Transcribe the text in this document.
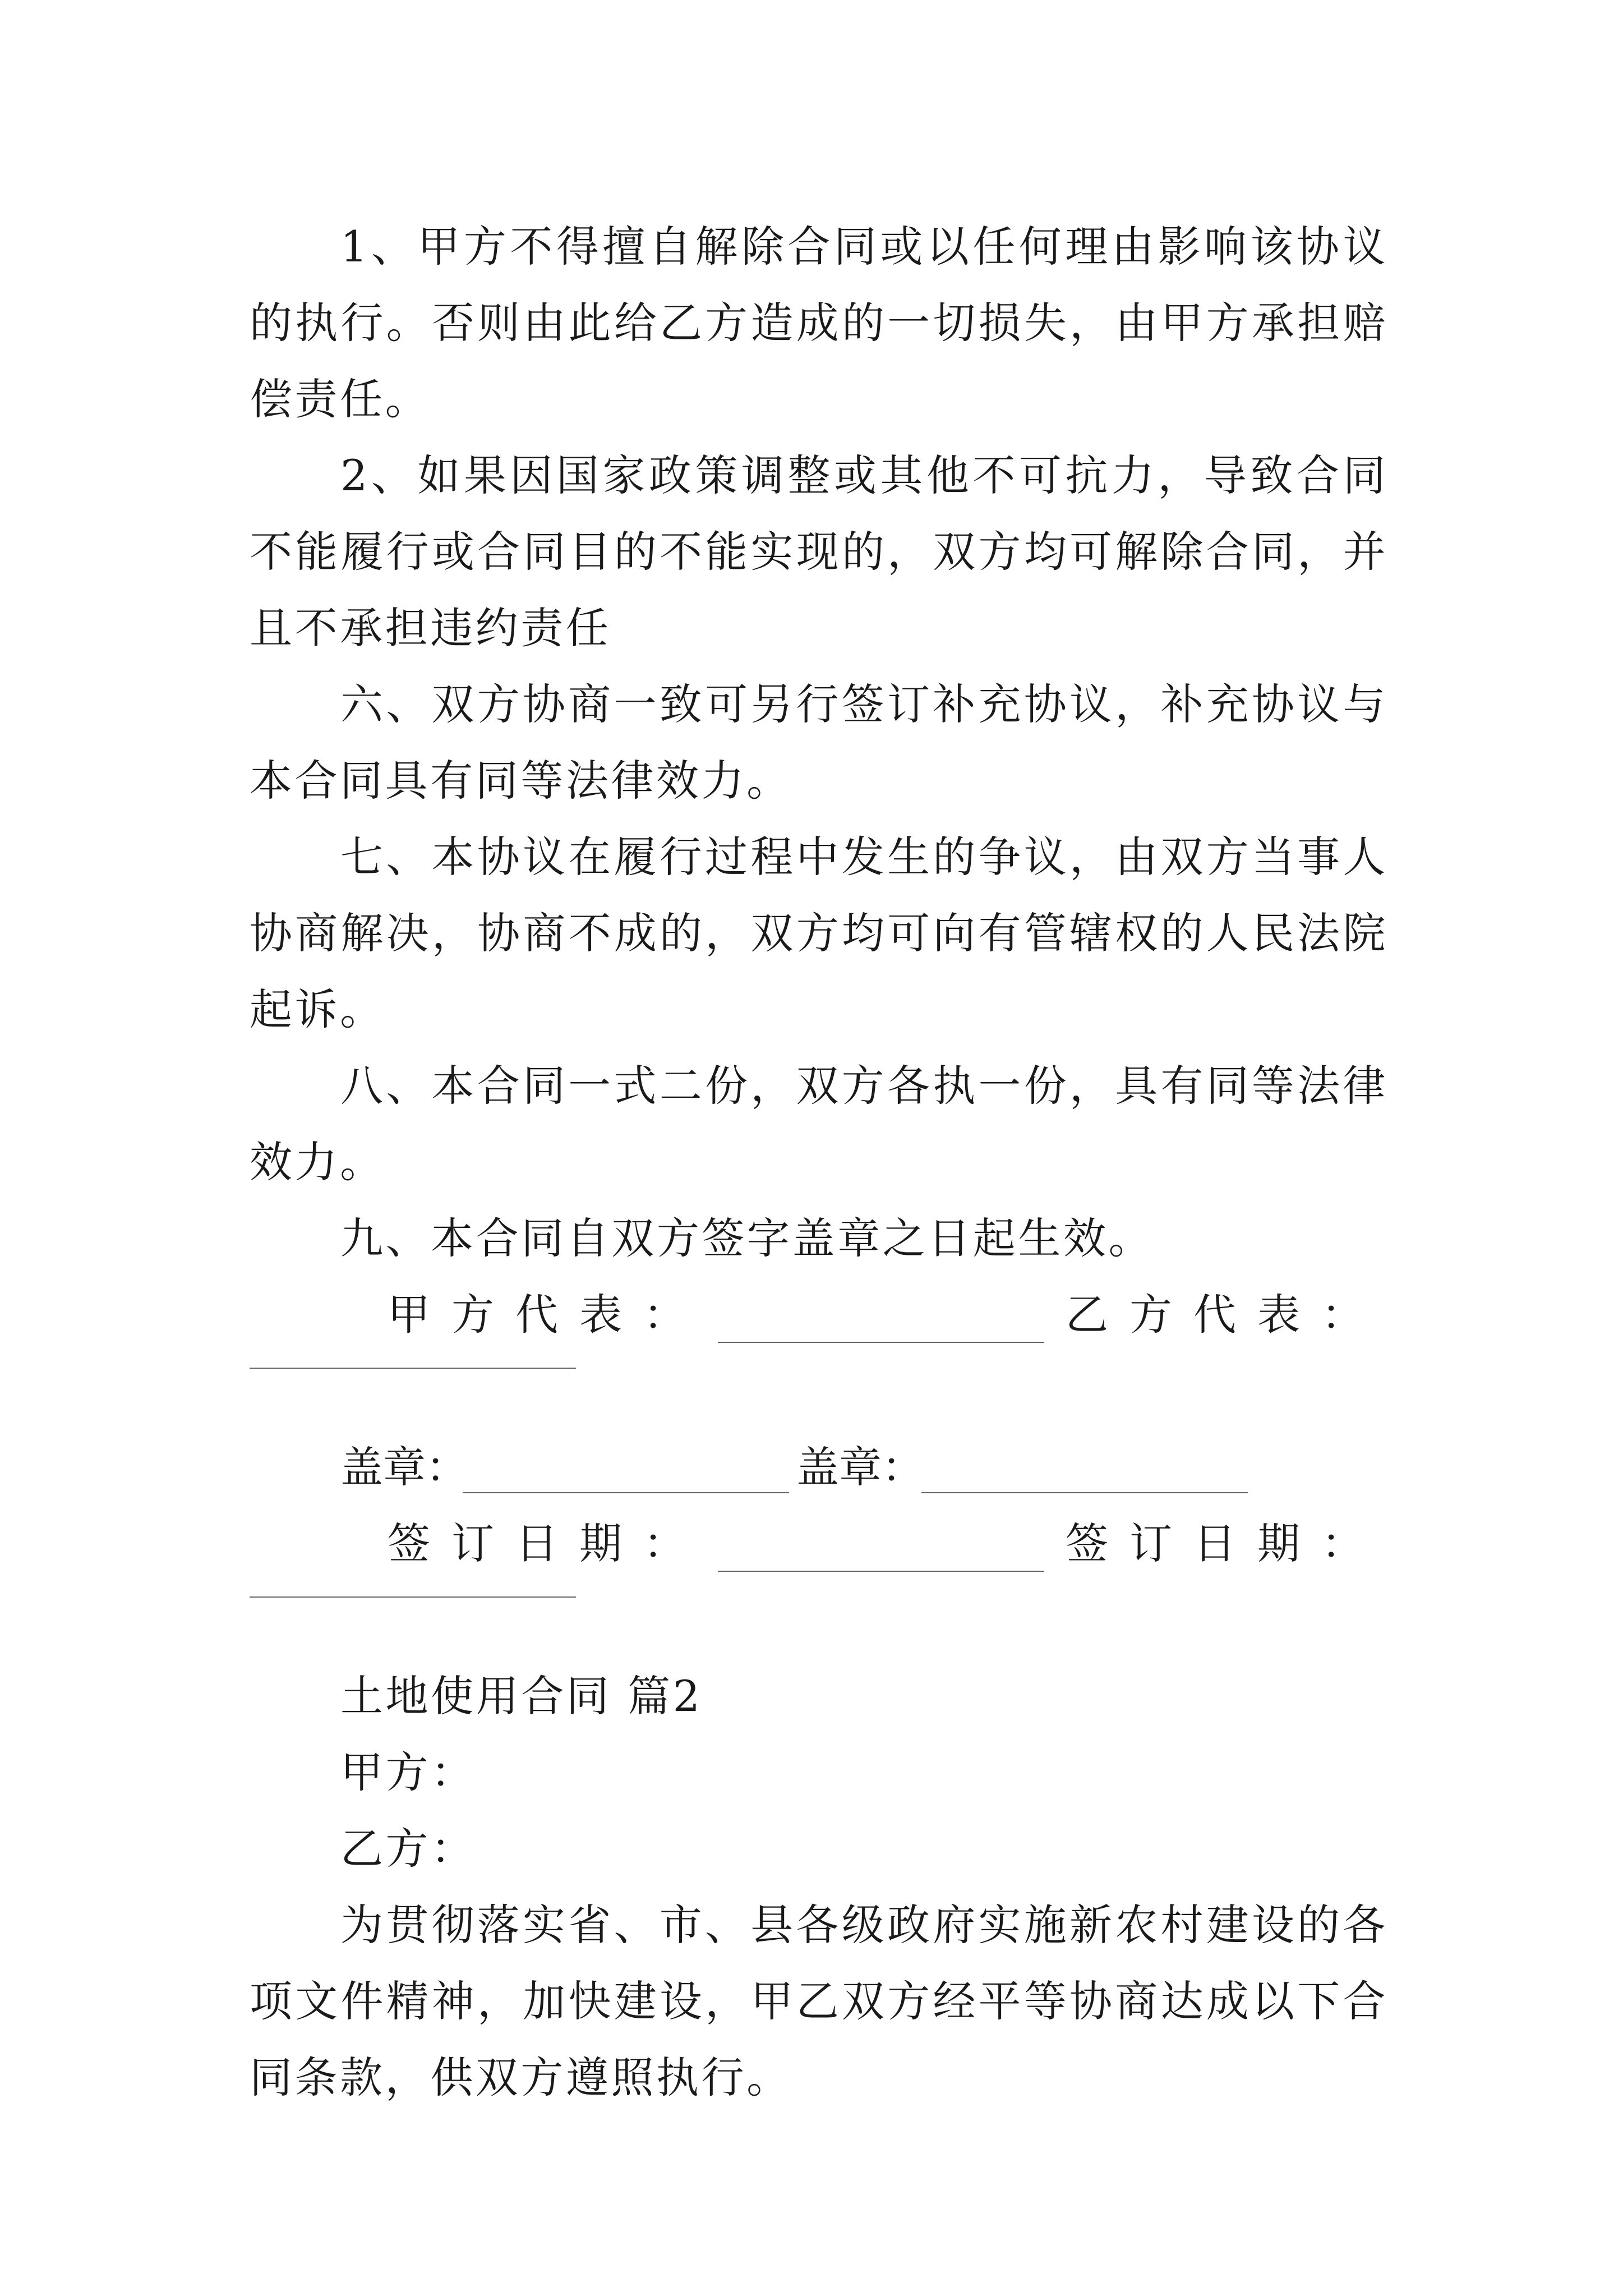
1、甲方不得擅自解除合同或以任何理由影响该协议的执行。否则由此给乙方造成的一切损失，由甲方承担赔偿责任。

2、如果因国家政策调整或其他不可抗力，导致合同不能履行或合同目的不能实现的，双方均可解除合同，并且不承担违约责任

六、双方协商一致可另行签订补充协议，补充协议与本合同具有同等法律效力。

七、本协议在履行过程中发生的争议，由双方当事人协商解决，协商不成的，双方均可向有管辖权的人民法院起诉。

八、本合同一式二份，双方各执一份，具有同等法律效力。

九、本合同自双方签字盖章之日起生效。

甲方代表：	乙方代表：
盖章：	盖章：
签订日期：	签订日期：

土地使用合同 篇2

甲方：

乙方：

为贯彻落实省、市、县各级政府实施新农村建设的各项文件精神，加快建设，甲乙双方经平等协商达成以下合同条款，供双方遵照执行。
